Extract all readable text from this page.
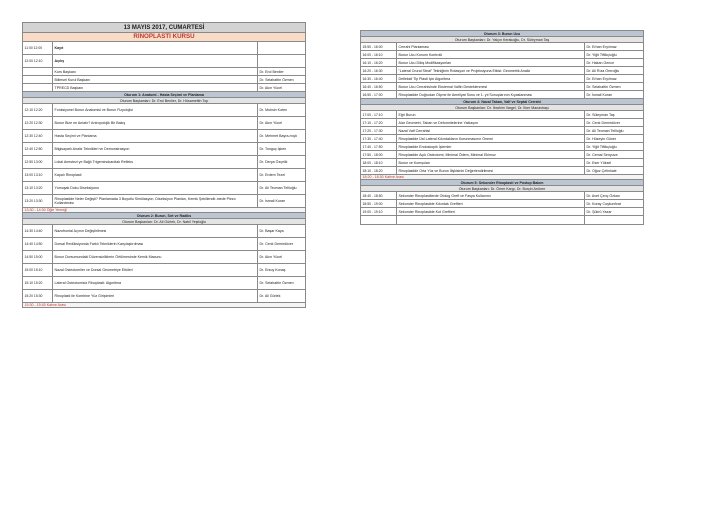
13 MAYIS 2017, CUMARTESİ		
RİNOPLASTİ KURSU		
11:00 12:00	Kayıt	
12:00 12:10	Açılış	
	Kurs Başkanı	Dr. Erol Benlier
	Bilimsel Kurul Başkanı	Dr. Selahattin Özmen
	TPRECD Başkanı	Dr. Akın Yücel
Oturum 1: Anatomi - Hasta Seçimi ve Planlama		
Oturum Başkanları: Dr. Erol Benlier, Dr. Hüsamettin Top		
12:10 12:20	Fonksiyonel Burun Anatomisi ve Burun Fizyolojisi	Dr. Muhsin Koten
12:20 12:30	Burun Bize ne Anlatır? Antropolojik Bir Bakış	Dr. Akın Yücel
12:30 12:40	Hasta Seçimi ve Planlama	Dr. Mehmet Bayra-mıçlı
12:40 12:50	Bilgisayarlı Analiz Teknikleri ve Demonstrasyon	Dr. Tonguç İşken
12:50 13:00	Lokal Anestezi ye Bağlı Trigeminokardiak Refleks	Dr. Derya Özçelik
13:00 13:10	Kapalı Rinoplasti	Dr. Erdem Tezel
13:10 13:20	Yumuşak Doku Diseksiyonu	Dr. Ali Teoman Tellioğlu
13:20 13:30	Rinoplastide Neler Değişti? Planlamada 3 Boyutlu Simülasyon, Diseksiyon Planları, Kemik Şekillendir-mede Piezo Kullanılması	Dr. İsmail Kuran
13:30 - 14:30 Öğle Yemeği		
Oturum 2: Burun, Sırt ve Radiks		
Oturum Başkanları: Dr. Ali Gürlek, Dr. Nabil Yeşiloğlu		
14:30 14:40	Nazofrontal Açının Değiştirilmesi	Dr. Başar Kaya
14:40 14:50	Dorsal Redüksiyonda Farklı Tekniklerin Karşılaştırılması	Dr. Cenk Demirdöver
14:50 15:00	Burun Dorsumundaki Düzensizliklerin Örtülmesinde Kemik Macunu	Dr. Akın Yücel
15:00 15:10	Nazal Osteotomiler ve Dorsal Geometriye Etkileri	Dr. Ersoy Konaş
15:10 15:20	Lateral Osteotomisiz Rinoplasti: Algoritma	Dr. Selahattin Özmen
15:20 15:30	Rinoplasti ile Kombine Yüz Girişimleri	Dr. Ali Gürlek
15:30 - 15:45 Kahve Arası		
Oturum 3: Burun Ucu		
Oturum Başkanları: Dr. Yalçın Kerakoğlu, Dr. Süleyman Taş		
15:50 - 16:00	Cerrahi Planlaması	Dr. Erhan Eryılmaz
16:00 - 16:10	Burun Ucu Konum Kontrolü	Dr. Yiğit Tiftikçioğlu
16:10 - 16:20	Burun Ucu Dikiş Modifikasyonları	Dr. Hakan Gence
16:20 - 16:30	"Lateral Crural Steal" Tekniğinin Rotasyon ve Projeksiyona Etkisi: Geometrik Analiz	Dr. Ali Rıza Öreroğlu
16:30 - 16:40	Defleksif Tip Plasti için Algoritma	Dr. Erhan Eryılmaz
16:40 - 16:50	Burun Ucu Cerrahisinde Eksternal Valfin Desteklenmesi	Dr. Selahattin Özmen
16:50 - 17:00	Rinoplastide Doğrudan Ölçme ile Ameliyat Sonu ve 1. yıl Sonuçlarının Kıyaslanması	Dr. İsmail Kuran
Oturum 4: Nazal Taban, Valf ve Septal Cerrahi		
Oturum Başkanları: Dr. İbrahim Vargel, Dr. İlker Manavbaşı		
17:00 - 17:10	Eğri Burun	Dr. Süleyman Taş
17:10 - 17:20	Alar Geometri, Taban ve Deformitelerine Yaklaşım	Dr. Cenk Demirdöver
17:20 - 17:30	Nazal Valf Cerrahisi	Dr. Ali Teoman Tellioğlu
17:30 - 17:40	Rinoplastide Üst Lateral Kıkırdakların Korunmasının Önemi	Dr. Hüseyin Güner
17:40 - 17:50	Rinoplastide Endoskopik İşlemler	Dr. Yiğit Tiftikçioğlu
17:50 - 18:00	Rinoplastide Açık Osteotomi; Minimal Ödem, Minimal Ekimoz	Dr. Cemal Senyuva
18:00 - 18:10	Burun ve Komşuları	Dr. Eser Yüksel
18:10 - 18:20	Rinoplastide Orta Yüz ve Burun İlişkisinin Değerlendirilmesi	Dr. Oğuz Çetinkale
18:20 - 18:30 Kahve Arası		
Oturum 5: Sekonder Rinoplasti ve Postop Bakım		
Oturum Başkanları: Dr. Ömer Kargı, Dr. Burçin Arıöner		
18:40 - 18:50	Sekonder Rinoplastilerde Otolog Greft ve Fasya Kullanımı	Dr. Avet Çenç Özkan
18:50 - 19:00	Sekonder Rinoplastide Kıkırdak Greftleri	Dr. Koray Coşkunfırat
19:00 - 19:10	Sekonder Rinoplastide Kot Greftleri	Dr. Şükrü Yazar
